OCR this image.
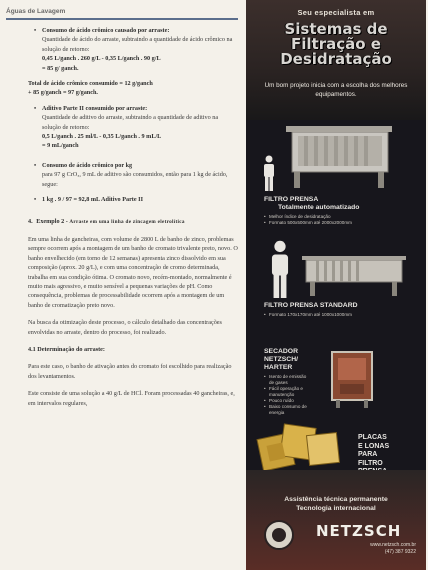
Águas de Lavagem
• Consumo de ácido crômico causado por arraste:
Quantidade de ácido do arraste, subtraindo a quantidade de ácido crômico na solução de retorno:
0,45 L/ganch . 260 g/L - 0,35 L/ganch . 90 g/L
= 85 g/ ganch.
Total de ácido crômico consumido = 12 g/ganch
+ 85 g/ganch = 97 g/ganch.
• Aditivo Parte II consumido por arraste:
Quantidade de aditivo do arraste, subtraindo a quantidade de aditivo na solução de retorno:
0,5 L/ganch . 25 ml/L - 0,35 L/ganch . 9 mL/L
= 9 mL/ganch
• Consumo de ácido crômico por kg
para 97 g CrO₃, 9 mL de aditivo são consumidos, então para 1 kg de ácido, segue:
• 1 kg . 9 / 97 = 92,8 mL Aditivo Parte II
4. Exemplo 2 - Arraste em uma linha de zincagem eletrolítica

Em uma linha de gancheiras, com volume de 2800 L de banho de zinco, problemas sempre ocorrem após a montagem de um banho de cromato trivalente preto, novo. O banho envelhecido (em torno de 12 semanas) apresenta zinco dissolvido em sua composição (aprox. 20 g/L), e com uma concentração de cromo determinada, trabalha em sua condição ótima. O cromato novo, recém-montado, normalmente é muito mais agressivo, e muito sensível a pequenas variações de pH. Como consequência, problemas de processabilidade ocorrem após a montagem de um banho de cromatização preto novo.

Na busca da otimização deste processo, o cálculo detalhado das concentrações envolvidas no arraste, dentro do processo, foi realizado.

4.1 Determinação do arraste:

Para este caso, o banho de ativação antes do cromato foi escolhido para realização dos levantamentos.

Este consiste de uma solução a 40 g/L de HCl. Foram processadas 40 gancheiras, e, em intervalos regulares,

Seu especialista em
Sistemas de
Filtração e
Desidratação
Um bom projeto inicia com a escolha dos melhores equipamentos.
FILTRO PRENSA
Totalmente automatizado
• Melhor índice de desidratação
• Formato 500x500mm até 2000x2000mm
FILTRO PRENSA STANDARD
• Formato 170x170mm até 1000x1000mm
SECADOR
NETZSCH/
HARTER
• Isento de emissão de gases
• Fácil operação e manutenção
• Pouco ruído
• Baixo consumo de energia
PLACAS
E LONAS
PARA
FILTRO
Assistência técnica permanente
Tecnologia internacional
NETZSCH
www.netzsch.com.br
(47) 387 9322
